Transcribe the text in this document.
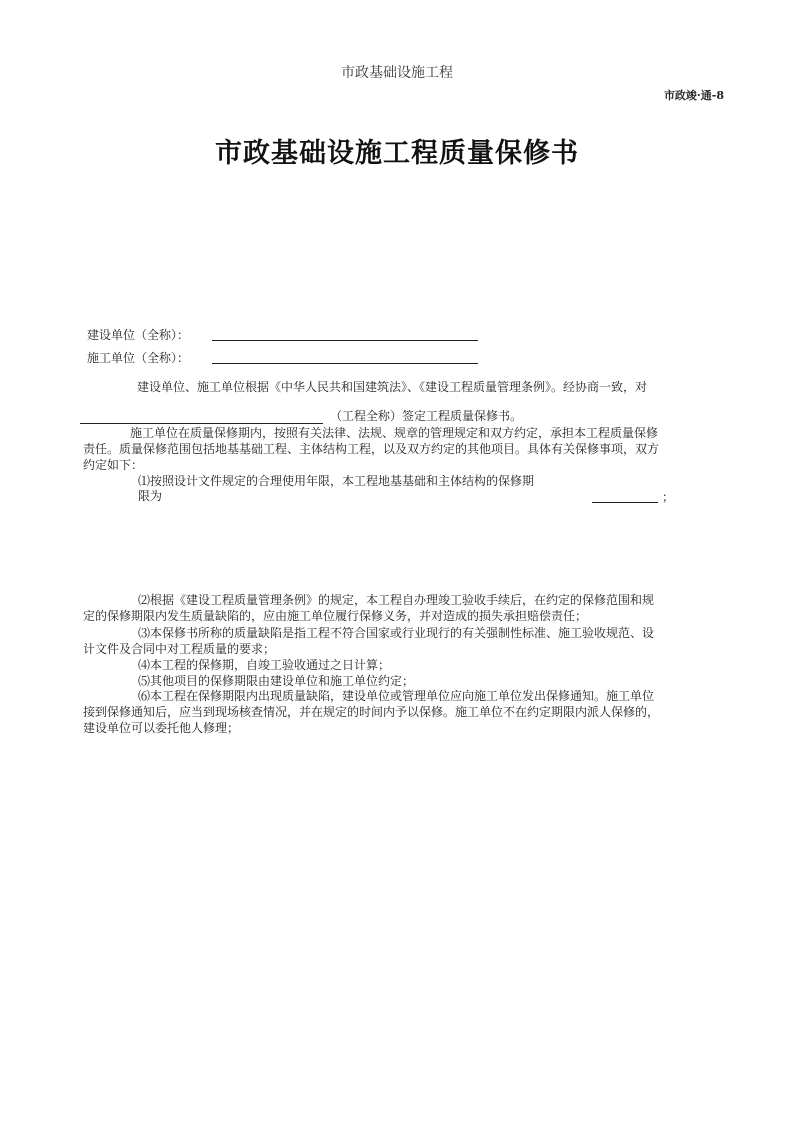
市政基础设施工程
市政竣·通-8
市政基础设施工程质量保修书
建设单位（全称）：
施工单位（全称）：
建设单位、施工单位根据《中华人民共和国建筑法》、《建设工程质量管理条例》。经协商一致，对
（工程全称）签定工程质量保修书。
施工单位在质量保修期内，按照有关法律、法规、规章的管理规定和双方约定，承担本工程质量保修
责任。质量保修范围包括地基基础工程、主体结构工程，以及双方约定的其他项目。具体有关保修事项，双方
约定如下：
⑴按照设计文件规定的合理使用年限，本工程地基基础和主体结构的保修期
限为	；
⑵根据《建设工程质量管理条例》的规定，本工程自办理竣工验收手续后，在约定的保修范围和规
定的保修期限内发生质量缺陷的，应由施工单位履行保修义务，并对造成的损失承担赔偿责任；
⑶本保修书所称的质量缺陷是指工程不符合国家或行业现行的有关强制性标准、施工验收规范、设
计文件及合同中对工程质量的要求；
⑷本工程的保修期，自竣工验收通过之日计算；
⑸其他项目的保修期限由建设单位和施工单位约定；
⑹本工程在保修期限内出现质量缺陷，建设单位或管理单位应向施工单位发出保修通知。施工单位
接到保修通知后，应当到现场核查情况，并在规定的时间内予以保修。施工单位不在约定期限内派人保修的，
建设单位可以委托他人修理；
